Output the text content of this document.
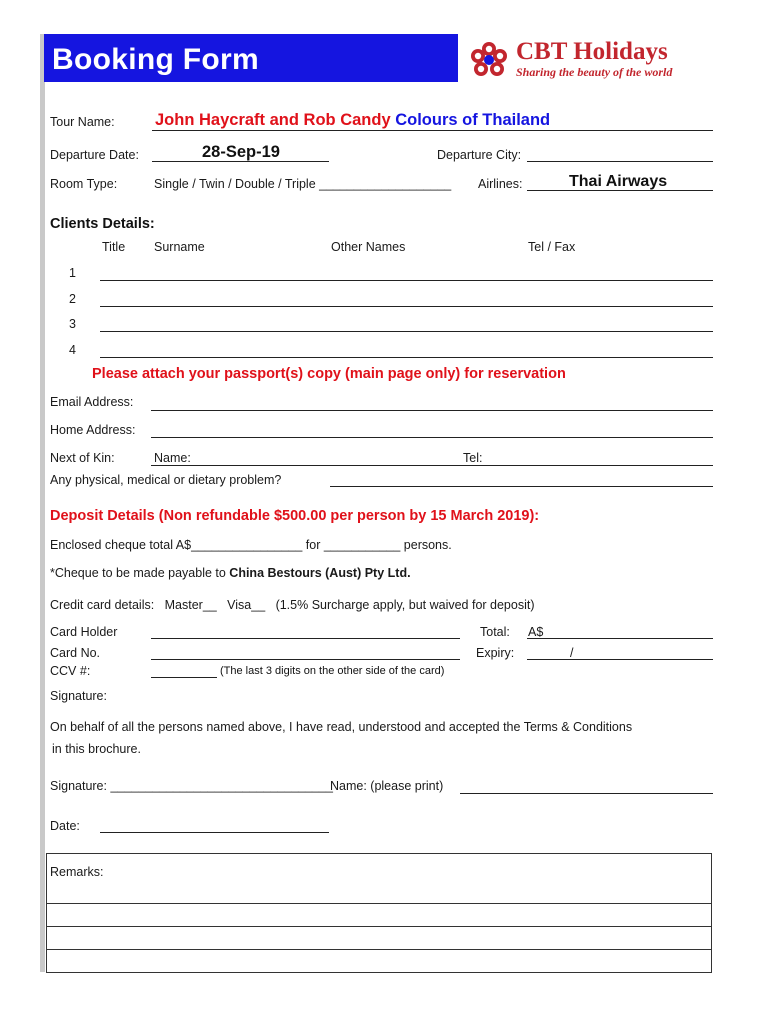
Booking Form	CBT Holidays
Sharing the beauty of the world
Tour Name: John Haycraft and Rob Candy Colours of Thailand
Departure Date:	28-Sep-19	Departure City:
Room Type:	Single / Twin / Double / Triple ___________________ Airlines:	Thai Airways
Clients Details:
Title Surname	Other Names	Tel / Fax
1
2
3
4
Please attach your passport(s) copy (main page only) for reservation
Email Address:
Home Address:
Next of Kin:	Name:	Tel:
Any physical, medical or dietary problem?
Deposit Details (Non refundable $500.00 per person by 15 March 2019):
Enclosed cheque total A$________________ for ___________ persons.
*Cheque to be made payable to China Bestours (Aust) Pty Ltd.
Credit card details:   Master__   Visa__   (1.5% Surcharge apply, but waived for deposit)
Card Holder	Total: A$
Card No.	Expiry:	/
CCV #:	(The last 3 digits on the other side of the card)
Signature:
On behalf of all the persons named above, I have read, understood and accepted the Terms & Conditions
in this brochure.
Signature: ________________________________
Name: (please print)
Date:
Remarks:
